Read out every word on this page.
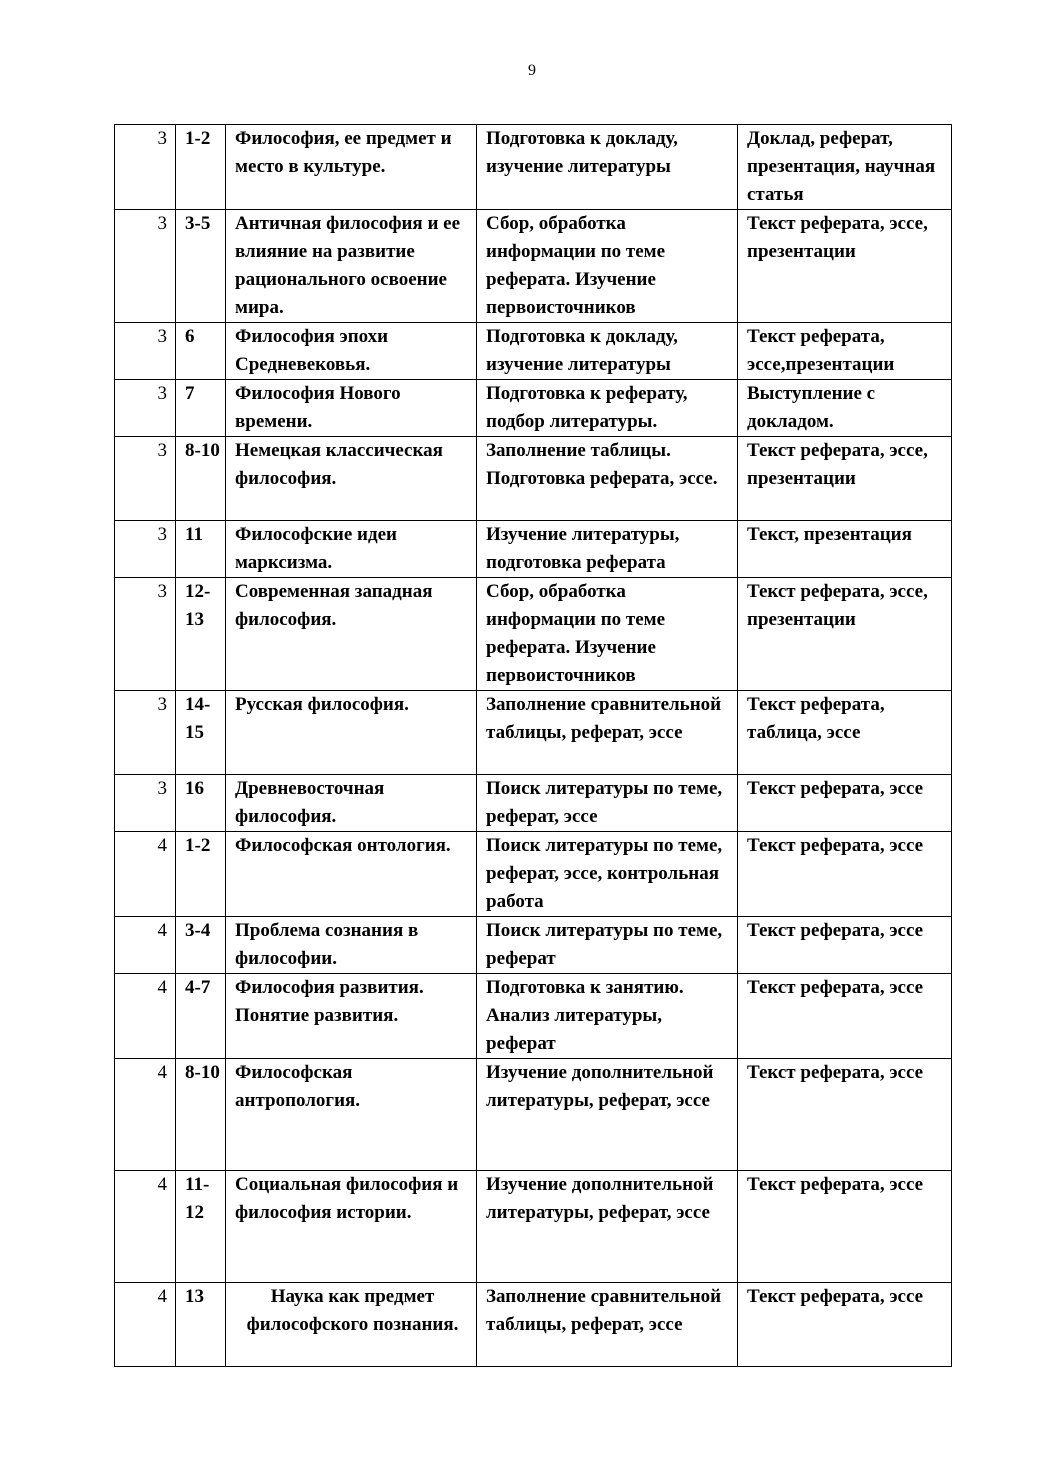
9
3	1-2	Философия, ее предмет и место в культуре.	Подготовка к докладу, изучение литературы	Доклад, реферат, презентация, научная статья
3	3-5	Античная философия и ее влияние на развитие рационального освоение мира.	Сбор, обработка информации по теме реферата. Изучение первоисточников	Текст реферата, эссе, презентации
3	6	Философия эпохи Средневековья.	Подготовка к докладу, изучение литературы	Текст реферата, эссе,презентации
3	7	Философия Нового времени.	Подготовка к реферату, подбор литературы.	Выступление с докладом.
3	8-10	Немецкая классическая философия.	Заполнение таблицы. Подготовка реферата, эссе.	Текст реферата, эссе, презентации
3	11	Философские идеи марксизма.	Изучение литературы, подготовка реферата	Текст, презентация
3	12-13	Современная западная философия.	Сбор, обработка информации по теме реферата. Изучение первоисточников	Текст реферата, эссе, презентации
3	14-15	Русская философия.	Заполнение сравнительной таблицы, реферат, эссе	Текст реферата, таблица, эссе
3	16	Древневосточная философия.	Поиск литературы по теме, реферат, эссе	Текст реферата, эссе
4	1-2	Философская онтология.	Поиск литературы по теме, реферат, эссе, контрольная работа	Текст реферата, эссе
4	3-4	Проблема сознания в философии.	Поиск литературы по теме, реферат	Текст реферата, эссе
4	4-7	Философия развития. Понятие развития.	Подготовка к занятию. Анализ литературы, реферат	Текст реферата, эссе
4	8-10	Философская антропология.	Изучение дополнительной литературы, реферат, эссе	Текст реферата, эссе
4	11-12	Социальная философия и философия истории.	Изучение дополнительной литературы, реферат, эссе	Текст реферата, эссе
4	13	Наука как предмет философского познания.	Заполнение сравнительной таблицы, реферат, эссе	Текст реферата, эссе
